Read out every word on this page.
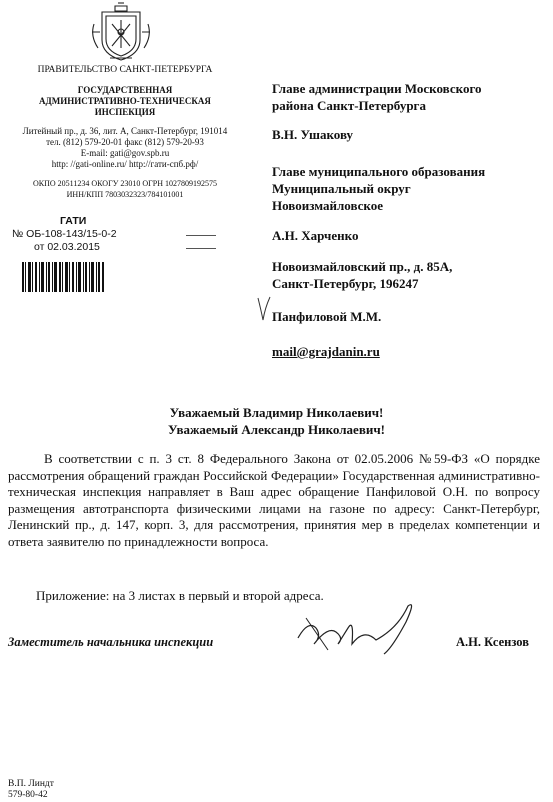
ПРАВИТЕЛЬСТВО САНКТ-ПЕТЕРБУРГА
ГОСУДАРСТВЕННАЯ
АДМИНИСТРАТИВНО-ТЕХНИЧЕСКАЯ
ИНСПЕКЦИЯ
Литейный пр., д. 36, лит. А, Санкт-Петербург, 191014
тел. (812) 579-20-01 факс (812) 579-20-93
E-mail: gati@gov.spb.ru
http: //gati-online.ru/ http://гати-спб.рф/
ОКПО 20511234 ОКОГУ 23010 ОГРН 1027809192575
ИНН/КПП 7803032323/784101001
ГАТИ
№ ОБ-108-143/15-0-2
от 02.03.2015
Главе администрации Московского
района Санкт-Петербурга
В.Н. Ушакову
Главе муниципального образования
Муниципальный округ
Новоизмайловское
А.Н. Харченко
Новоизмайловский пр., д. 85А,
Санкт-Петербург, 196247
Панфиловой М.М.
mail@grajdanin.ru
Уважаемый Владимир Николаевич!
Уважаемый Александр Николаевич!
В соответствии с п. 3 ст. 8 Федерального Закона от 02.05.2006 №59-ФЗ «О порядке рассмотрения обращений граждан Российской Федерации» Государственная административно-техническая инспекция направляет в Ваш адрес обращение Панфиловой О.Н. по вопросу размещения автотранспорта физическими лицами на газоне по адресу: Санкт-Петербург, Ленинский пр., д. 147, корп. 3, для рассмотрения, принятия мер в пределах компетенции и ответа заявителю по принадлежности вопроса.
Приложение: на 3 листах в первый и второй адреса.
Заместитель начальника инспекции	А.Н. Ксензов
В.П. Линдт
579-80-42
